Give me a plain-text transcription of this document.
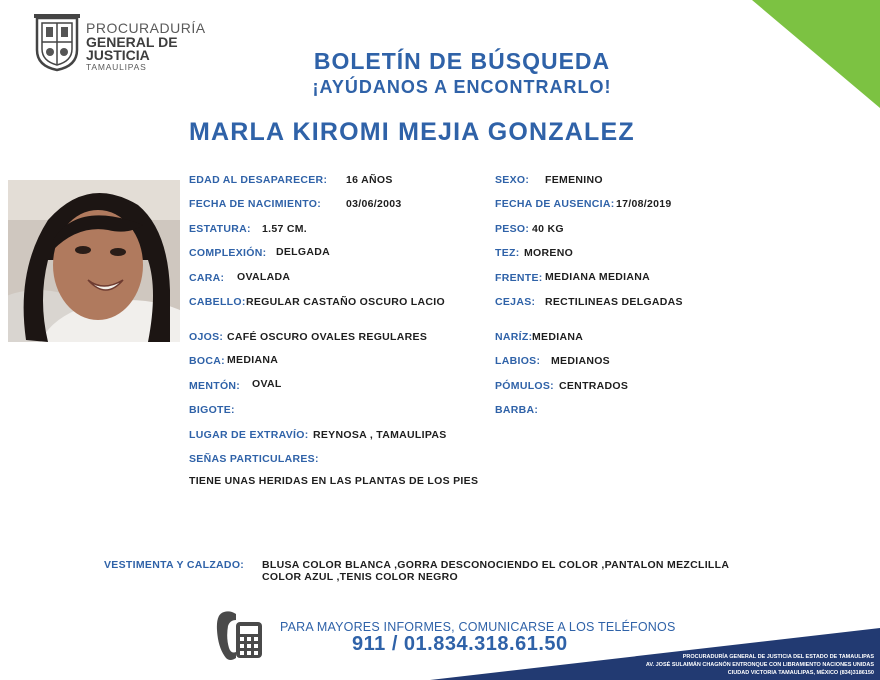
PROCURADURÍA
GENERAL DE
JUSTICIA
TAMAULIPAS	BOLETÍN DE BÚSQUEDA
¡AYÚDANOS A ENCONTRARLO!
MARLA KIROMI MEJIA GONZALEZ
EDAD AL DESAPARECER: 16 AÑOS
FECHA DE NACIMIENTO: 03/06/2003
ESTATURA: 1.57 CM.
COMPLEXIÓN: DELGADA
CARA: OVALADA
CABELLO: REGULAR CASTAÑO OSCURO LACIO
OJOS: CAFÉ OSCURO OVALES REGULARES
BOCA: MEDIANA
MENTÓN: OVAL
BIGOTE:
LUGAR DE EXTRAVÍO: REYNOSA , TAMAULIPAS
SEÑAS PARTICULARES:
TIENE UNAS HERIDAS EN LAS PLANTAS DE LOS PIES
SEXO: FEMENINO
FECHA DE AUSENCIA: 17/08/2019
PESO: 40 KG
TEZ: MORENO
FRENTE: MEDIANA MEDIANA
CEJAS: RECTILINEAS DELGADAS
NARÍZ: MEDIANA
LABIOS: MEDIANOS
PÓMULOS: CENTRADOS
BARBA:
VESTIMENTA Y CALZADO: BLUSA COLOR BLANCA ,GORRA DESCONOCIENDO EL COLOR ,PANTALON MEZCLILLA
COLOR AZUL ,TENIS COLOR NEGRO
PARA MAYORES INFORMES, COMUNICARSE A LOS TELÉFONOS
911 / 01.834.318.61.50
PROCURADURÍA GENERAL DE JUSTICIA DEL ESTADO DE TAMAULIPAS
AV. JOSÉ SULAIMÁN CHAGNÓN ENTRONQUE CON LIBRAMIENTO NACIONES UNIDAS
CIUDAD VICTORIA TAMAULIPAS, MÉXICO (834)3186150
